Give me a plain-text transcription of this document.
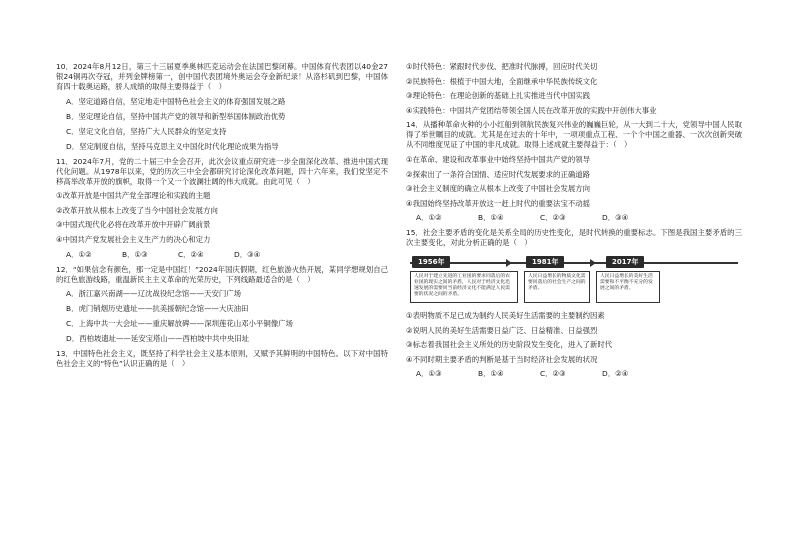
10．2024年8月12日，第三十三届夏季奥林匹克运动会在法国巴黎闭幕。中国体育代表团以40金27银24铜再次夺冠，并列金牌榜第一，创中国代表团境外奥运会夺金新纪录！从洛杉矶到巴黎，中国体育四十载奥运路，骄人成绩的取得主要得益于（　）

A．坚定道路自信，坚定地走中国特色社会主义的体育强国发展之路

B．坚定理论自信，坚持中国共产党的领导和新型举国体制政治优势

C．坚定文化自信，坚持广大人民群众的坚定支持

D．坚定制度自信，坚持马克思主义中国化时代化理论成果为指导

11．2024年7月，党的二十届三中全会召开，此次会议重点研究进一步全面深化改革、推进中国式现代化问题。从1978年以来，党的历次三中全会都研究讨论深化改革问题，四十六年来，我们党坚定不移高举改革开放的旗帜，取得一个又一个波澜壮阔的伟大成就。由此可见（　）

①改革开放是中国共产党全部理论和实践的主题

②改革开放从根本上改变了当今中国社会发展方向

③中国式现代化必将在改革开放中开辟广阔前景

④中国共产党发展社会主义生产力的决心和定力

A．①②	B．①③	C．②④	D．③④

12．“如果信念有颜色，那一定是中国红！”2024年国庆假期，红色旅游火热开展，某同学想规划自己的红色旅游线路，重温新民主主义革命的光荣历史，下列线路最适合的是（　）

A．浙江嘉兴南湖——辽沈战役纪念馆——天安门广场

B．虎门销烟历史遗址——抗美援朝纪念馆——大庆油田

C．上海中共一大会址——重庆解放碑——深圳莲花山邓小平铜像广场

D．西柏坡遗址——延安宝塔山——西柏坡中共中央旧址

13．中国特色社会主义，既坚持了科学社会主义基本原则，又赋予其鲜明的中国特色。以下对中国特色社会主义的“特色”认识正确的是（　）

①时代特色：紧跟时代步伐、把准时代脉搏，回应时代关切

②民族特色：根植于中国大地，全面继承中华民族传统文化

③理论特色：在理论创新的基础上扎实推进当代中国实践

④实践特色：中国共产党团结带领全国人民在改革开放的实践中开创伟大事业

14．从播种革命火种的小小红船到领航民族复兴伟业的巍巍巨轮，从一大到二十大，党领导中国人民取得了举世瞩目的成就。尤其是在过去的十年中，一项项重点工程、一个个中国之重器、一次次创新突破从不同维度见证了中国的非凡成就。取得上述成就主要得益于：（　）

①在革命、建设和改革事业中始终坚持中国共产党的领导

②探索出了一条符合国情、适应时代发展要求的正确道路

③社会主义制度的确立从根本上改变了中国社会发展方向

④我国始终坚持改革开放这一赶上时代的重要法宝不动摇

A．①②	B．①④	C．②③	D．③④

15．社会主要矛盾的变化是关系全局的历史性变化，是时代转换的重要标志。下图是我国主要矛盾的三次主要变化，对此分析正确的是（　）

1956年	1981年	2017年
人民对于建立先进的工业国的要求同落后的农业国的现实之间的矛盾，人民对于经济文化迅速发展的需要同当前经济文化不能满足人民需要的状况之间的矛盾。
人民日益增长的物质文化需要同落后的社会生产之间的矛盾。
人民日益增长的美好生活需要和不平衡不充分的发展之间的矛盾。

①表明物质不足已成为制约人民美好生活需要的主要制约因素

②说明人民的美好生活需要日益广泛、日益精准、日益强烈

③标志着我国社会主义所处的历史阶段发生变化，进入了新时代

④不同时期主要矛盾的判断是基于当时经济社会发展的状况

A．①③	B．①④	C．②③	D．②④
